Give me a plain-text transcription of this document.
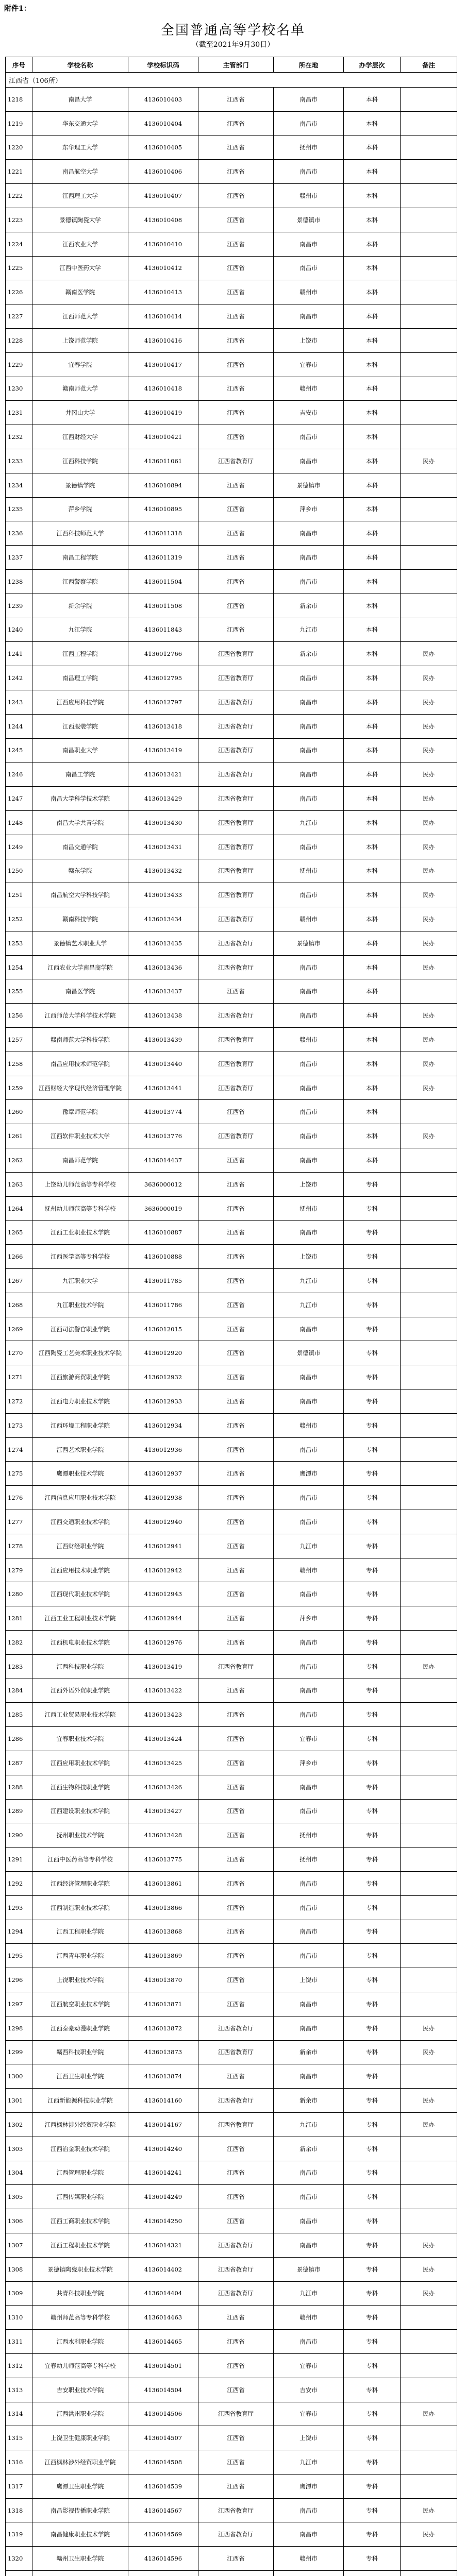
附件1：
全国普通高等学校名单
（截至2021年9月30日）
序号	学校名称	学校标识码	主管部门	所在地	办学层次	备注
江西省（106所）						
1218	南昌大学	4136010403	江西省	南昌市	本科	
1219	华东交通大学	4136010404	江西省	南昌市	本科	
1220	东华理工大学	4136010405	江西省	抚州市	本科	
1221	南昌航空大学	4136010406	江西省	南昌市	本科	
1222	江西理工大学	4136010407	江西省	赣州市	本科	
1223	景德镇陶瓷大学	4136010408	江西省	景德镇市	本科	
1224	江西农业大学	4136010410	江西省	南昌市	本科	
1225	江西中医药大学	4136010412	江西省	南昌市	本科	
1226	赣南医学院	4136010413	江西省	赣州市	本科	
1227	江西师范大学	4136010414	江西省	南昌市	本科	
1228	上饶师范学院	4136010416	江西省	上饶市	本科	
1229	宜春学院	4136010417	江西省	宜春市	本科	
1230	赣南师范大学	4136010418	江西省	赣州市	本科	
1231	井冈山大学	4136010419	江西省	吉安市	本科	
1232	江西财经大学	4136010421	江西省	南昌市	本科	
1233	江西科技学院	4136011061	江西省教育厅	南昌市	本科	民办
1234	景德镇学院	4136010894	江西省	景德镇市	本科	
1235	萍乡学院	4136010895	江西省	萍乡市	本科	
1236	江西科技师范大学	4136011318	江西省	南昌市	本科	
1237	南昌工程学院	4136011319	江西省	南昌市	本科	
1238	江西警察学院	4136011504	江西省	南昌市	本科	
1239	新余学院	4136011508	江西省	新余市	本科	
1240	九江学院	4136011843	江西省	九江市	本科	
1241	江西工程学院	4136012766	江西省教育厅	新余市	本科	民办
1242	南昌理工学院	4136012795	江西省教育厅	南昌市	本科	民办
1243	江西应用科技学院	4136012797	江西省教育厅	南昌市	本科	民办
1244	江西服装学院	4136013418	江西省教育厅	南昌市	本科	民办
1245	南昌职业大学	4136013419	江西省教育厅	南昌市	本科	民办
1246	南昌工学院	4136013421	江西省教育厅	南昌市	本科	民办
1247	南昌大学科学技术学院	4136013429	江西省教育厅	南昌市	本科	民办
1248	南昌大学共青学院	4136013430	江西省教育厅	九江市	本科	民办
1249	南昌交通学院	4136013431	江西省教育厅	南昌市	本科	民办
1250	赣东学院	4136013432	江西省教育厅	抚州市	本科	民办
1251	南昌航空大学科技学院	4136013433	江西省教育厅	南昌市	本科	民办
1252	赣南科技学院	4136013434	江西省教育厅	赣州市	本科	民办
1253	景德镇艺术职业大学	4136013435	江西省教育厅	景德镇市	本科	民办
1254	江西农业大学南昌商学院	4136013436	江西省教育厅	南昌市	本科	民办
1255	南昌医学院	4136013437	江西省	南昌市	本科	
1256	江西师范大学科学技术学院	4136013438	江西省教育厅	南昌市	本科	民办
1257	赣南师范大学科技学院	4136013439	江西省教育厅	赣州市	本科	民办
1258	南昌应用技术师范学院	4136013440	江西省教育厅	南昌市	本科	民办
1259	江西财经大学现代经济管理学院	4136013441	江西省教育厅	南昌市	本科	民办
1260	豫章师范学院	4136013774	江西省	南昌市	本科	
1261	江西软件职业技术大学	4136013776	江西省教育厅	南昌市	本科	民办
1262	南昌师范学院	4136014437	江西省	南昌市	本科	
1263	上饶幼儿师范高等专科学校	3636000012	江西省	上饶市	专科	
1264	抚州幼儿师范高等专科学校	3636000019	江西省	抚州市	专科	
1265	江西工业职业技术学院	4136010887	江西省	南昌市	专科	
1266	江西医学高等专科学校	4136010888	江西省	上饶市	专科	
1267	九江职业大学	4136011785	江西省	九江市	专科	
1268	九江职业技术学院	4136011786	江西省	九江市	专科	
1269	江西司法警官职业学院	4136012015	江西省	南昌市	专科	
1270	江西陶瓷工艺美术职业技术学院	4136012920	江西省	景德镇市	专科	
1271	江西旅游商贸职业学院	4136012932	江西省	南昌市	专科	
1272	江西电力职业技术学院	4136012933	江西省	南昌市	专科	
1273	江西环境工程职业学院	4136012934	江西省	赣州市	专科	
1274	江西艺术职业学院	4136012936	江西省	南昌市	专科	
1275	鹰潭职业技术学院	4136012937	江西省	鹰潭市	专科	
1276	江西信息应用职业技术学院	4136012938	江西省	南昌市	专科	
1277	江西交通职业技术学院	4136012940	江西省	南昌市	专科	
1278	江西财经职业学院	4136012941	江西省	九江市	专科	
1279	江西应用技术职业学院	4136012942	江西省	赣州市	专科	
1280	江西现代职业技术学院	4136012943	江西省	南昌市	专科	
1281	江西工业工程职业技术学院	4136012944	江西省	萍乡市	专科	
1282	江西机电职业技术学院	4136012976	江西省	南昌市	专科	
1283	江西科技职业学院	4136013419	江西省教育厅	南昌市	专科	民办
1284	江西外语外贸职业学院	4136013422	江西省	南昌市	专科	
1285	江西工业贸易职业技术学院	4136013423	江西省	南昌市	专科	
1286	宜春职业技术学院	4136013424	江西省	宜春市	专科	
1287	江西应用职业技术学院	4136013425	江西省	萍乡市	专科	
1288	江西生物科技职业学院	4136013426	江西省	南昌市	专科	
1289	江西建设职业技术学院	4136013427	江西省	南昌市	专科	
1290	抚州职业技术学院	4136013428	江西省	抚州市	专科	
1291	江西中医药高等专科学校	4136013775	江西省	抚州市	专科	
1292	江西经济管理职业学院	4136013861	江西省	南昌市	专科	
1293	江西制造职业技术学院	4136013866	江西省	南昌市	专科	
1294	江西工程职业学院	4136013868	江西省	南昌市	专科	
1295	江西青年职业学院	4136013869	江西省	南昌市	专科	
1296	上饶职业技术学院	4136013870	江西省	上饶市	专科	
1297	江西航空职业技术学院	4136013871	江西省	南昌市	专科	
1298	江西泰豪动漫职业学院	4136013872	江西省教育厅	南昌市	专科	民办
1299	赣西科技职业学院	4136013873	江西省教育厅	新余市	专科	民办
1300	江西卫生职业学院	4136013874	江西省	南昌市	专科	
1301	江西新能源科技职业学院	4136014160	江西省教育厅	新余市	专科	民办
1302	江西枫林涉外经贸职业学院	4136014167	江西省教育厅	九江市	专科	民办
1303	江西冶金职业技术学院	4136014240	江西省	新余市	专科	
1304	江西管理职业学院	4136014241	江西省	南昌市	专科	
1305	江西传媒职业学院	4136014249	江西省	南昌市	专科	
1306	江西工商职业技术学院	4136014250	江西省	南昌市	专科	
1307	江西工程职业技术学院	4136014321	江西省教育厅	南昌市	专科	民办
1308	景德镇陶瓷职业技术学院	4136014402	江西省教育厅	景德镇市	专科	民办
1309	共青科技职业学院	4136014404	江西省教育厅	九江市	专科	民办
1310	赣州师范高等专科学校	4136014463	江西省	赣州市	专科	
1311	江西水利职业学院	4136014465	江西省	南昌市	专科	
1312	宜春幼儿师范高等专科学校	4136014501	江西省	宜春市	专科	
1313	吉安职业技术学院	4136014504	江西省	吉安市	专科	
1314	江西洪州职业学院	4136014506	江西省教育厅	宜春市	专科	民办
1315	上饶卫生健康职业学院	4136014507	江西省	上饶市	专科	
1316	江西枫林涉外经贸职业学院	4136014508	江西省	九江市	专科	
1317	鹰潭卫生职业学院	4136014539	江西省	鹰潭市	专科	
1318	南昌影视传播职业学院	4136014567	江西省教育厅	南昌市	专科	民办
1319	南昌健康职业技术学院	4136014569	江西省教育厅	南昌市	专科	民办
1320	赣州卫生职业学院	4136014596	江西省	赣州市	专科	
